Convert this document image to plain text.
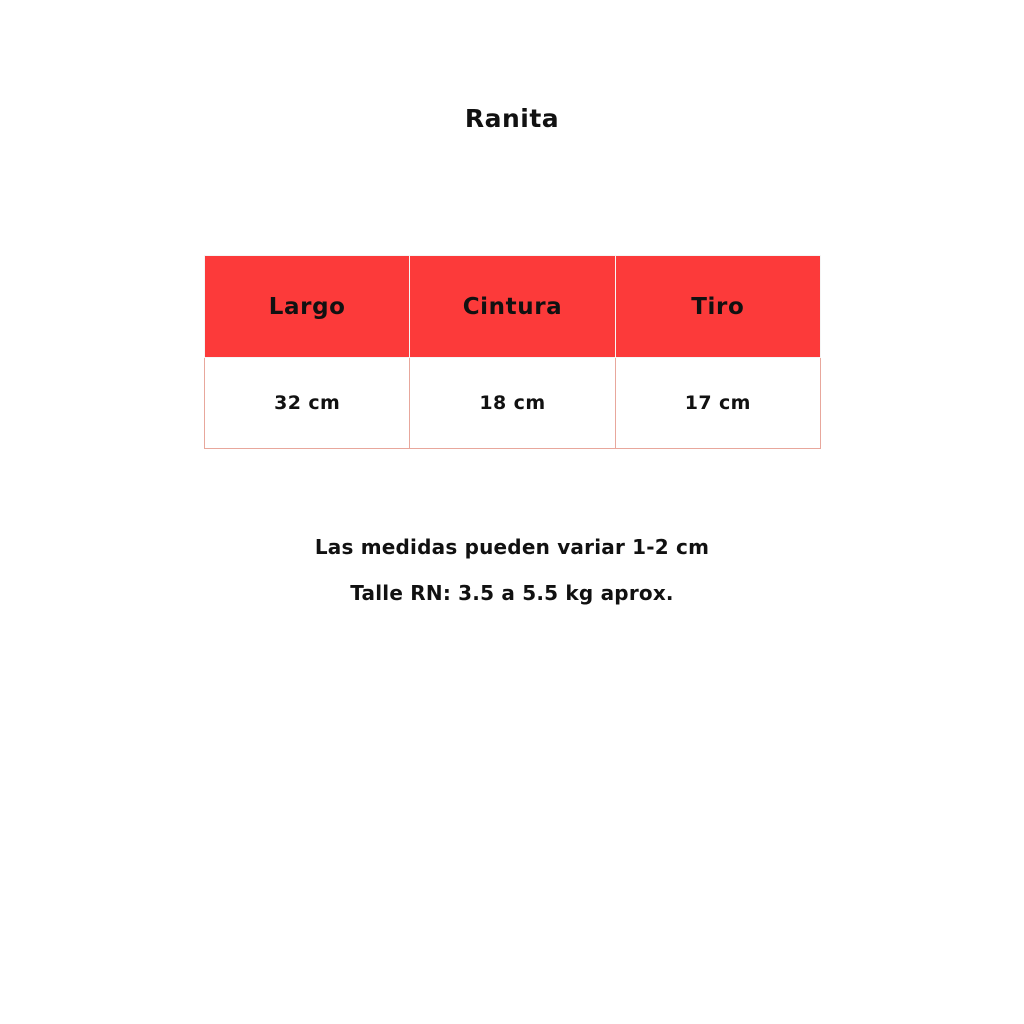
Ranita
Largo	Cintura	Tiro
32 cm	18 cm	17 cm
Las medidas pueden variar 1-2 cm
Talle RN: 3.5 a 5.5 kg aprox.
